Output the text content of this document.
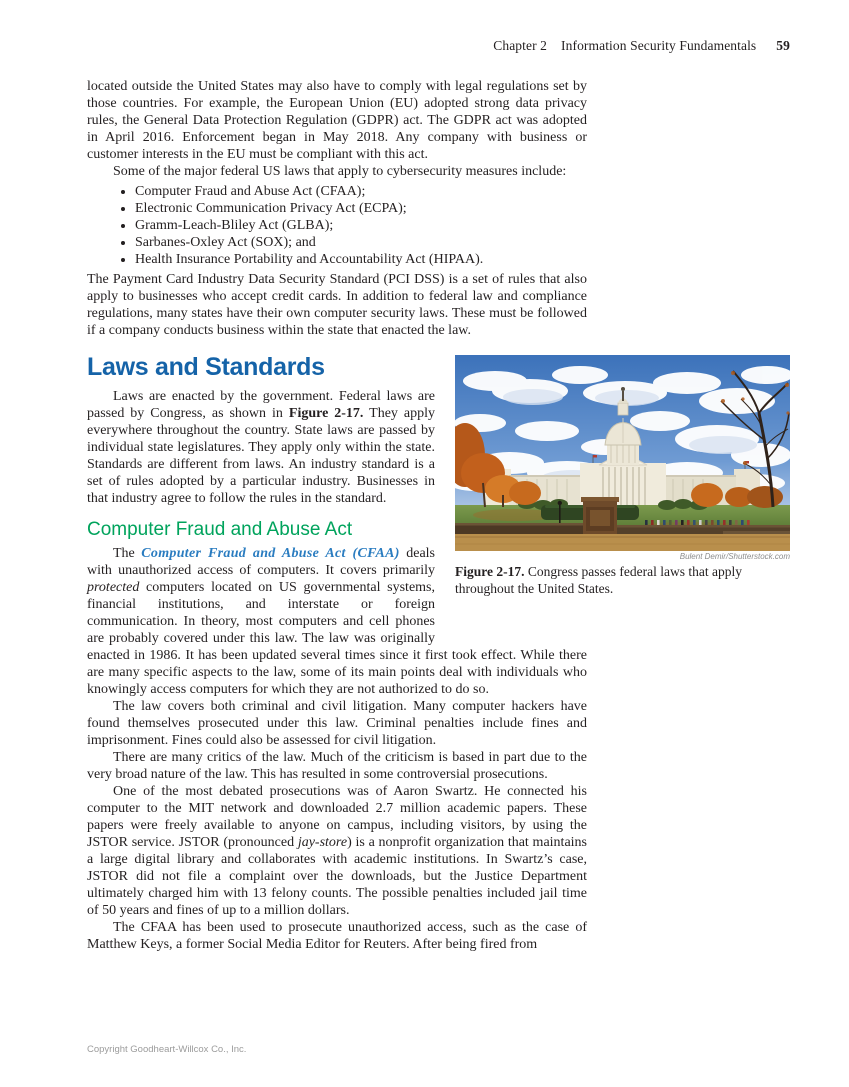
Chapter 2 Information Security Fundamentals 59

located outside the United States may also have to comply with legal regulations set by those countries. For example, the European Union (EU) adopted strong data privacy rules, the General Data Protection Regulation (GDPR) act. The GDPR act was adopted in April 2016. Enforcement began in May 2018. Any company with business or customer interests in the EU must be compliant with this act.

Some of the major federal US laws that apply to cybersecurity measures include:

• Computer Fraud and Abuse Act (CFAA);
• Electronic Communication Privacy Act (ECPA);
• Gramm-Leach-Bliley Act (GLBA);
• Sarbanes-Oxley Act (SOX); and
• Health Insurance Portability and Accountability Act (HIPAA).

The Payment Card Industry Data Security Standard (PCI DSS) is a set of rules that also apply to businesses who accept credit cards. In addition to federal law and compliance regulations, many states have their own computer security laws. These must be followed if a company conducts business within the state that enacted the law.

Laws and Standards

Laws are enacted by the government. Federal laws are passed by Congress, as shown in Figure 2-17. They apply everywhere throughout the country. State laws are passed by individual state legislatures. They apply only within the state. Standards are different from laws. An industry standard is a set of rules adopted by a particular industry. Businesses in that industry agree to follow the rules in the standard.

Computer Fraud and Abuse Act

The Computer Fraud and Abuse Act (CFAA) deals with unauthorized access of computers. It covers primarily protected computers located on US governmental systems, financial institutions, and interstate or foreign communication. In theory, most computers and cell phones are probably covered under this law. The law was originally enacted in 1986. It has been updated several times since it first took effect. While there are many specific aspects to the law, some of its main points deal with individuals who knowingly access computers for which they are not authorized to do so.

Bulent Demir/Shutterstock.com
Figure 2-17. Congress passes federal laws that apply throughout the United States.

The law covers both criminal and civil litigation. Many computer hackers have found themselves prosecuted under this law. Criminal penalties include fines and imprisonment. Fines could also be assessed for civil litigation.

There are many critics of the law. Much of the criticism is based in part due to the very broad nature of the law. This has resulted in some controversial prosecutions.

One of the most debated prosecutions was of Aaron Swartz. He connected his computer to the MIT network and downloaded 2.7 million academic papers. These papers were freely available to anyone on campus, including visitors, by using the JSTOR service. JSTOR (pronounced jay-store) is a nonprofit organization that maintains a large digital library and collaborates with academic institutions. In Swartz’s case, JSTOR did not file a complaint over the downloads, but the Justice Department ultimately charged him with 13 felony counts. The possible penalties included jail time of 50 years and fines of up to a million dollars.

The CFAA has been used to prosecute unauthorized access, such as the case of Matthew Keys, a former Social Media Editor for Reuters. After being fired from

Copyright Goodheart-Willcox Co., Inc.
